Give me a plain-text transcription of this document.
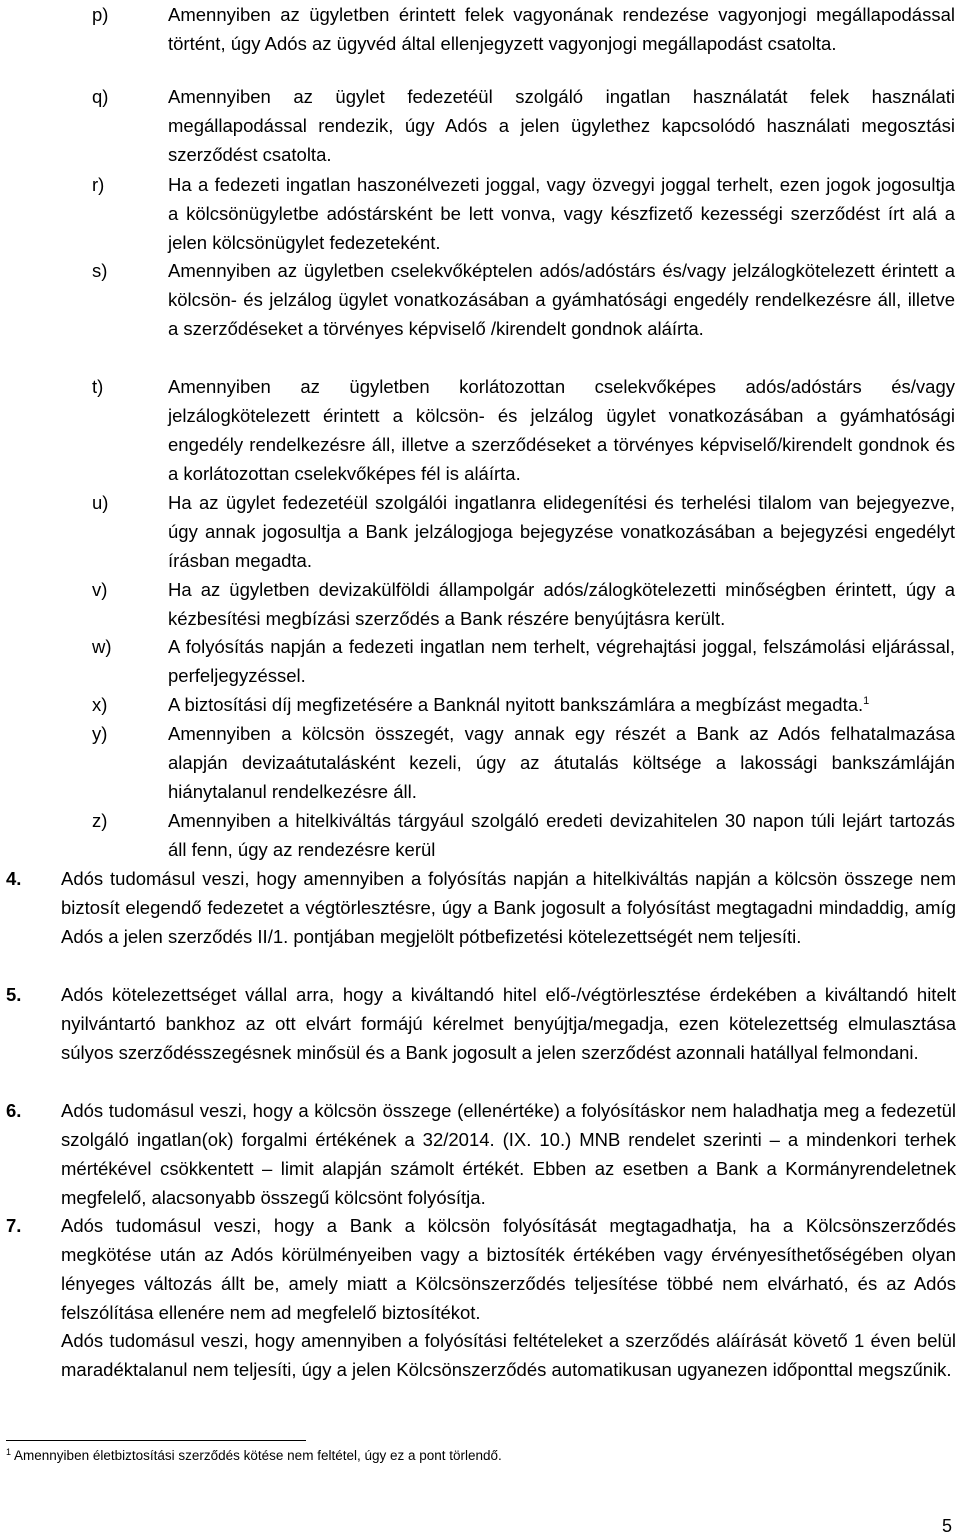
p)	Amennyiben az ügyletben érintett felek vagyonának rendezése vagyonjogi megállapodással történt, úgy Adós az ügyvéd által ellenjegyzett vagyonjogi megállapodást csatolta.
q)	Amennyiben az ügylet fedezetéül szolgáló ingatlan használatát felek használati megállapodással rendezik, úgy Adós a jelen ügylethez kapcsolódó használati megosztási szerződést csatolta.
r)	Ha a fedezeti ingatlan haszonélvezeti joggal, vagy özvegyi joggal terhelt, ezen jogok jogosultja a kölcsönügyletbe adóstársként be lett vonva, vagy készfizető kezességi szerződést írt alá a jelen kölcsönügylet fedezeteként.
s)	Amennyiben az ügyletben cselekvőképtelen adós/adóstárs és/vagy jelzálogkötelezett érintett a kölcsön- és jelzálog ügylet vonatkozásában a gyámhatósági engedély rendelkezésre áll, illetve a szerződéseket a törvényes képviselő /kirendelt gondnok aláírta.
t)	Amennyiben az ügyletben korlátozottan cselekvőképes adós/adóstárs és/vagy jelzálogkötelezett érintett a kölcsön- és jelzálog ügylet vonatkozásában a gyámhatósági engedély rendelkezésre áll, illetve a szerződéseket a törvényes képviselő/kirendelt gondnok és a korlátozottan cselekvőképes fél is aláírta.
u)	Ha az ügylet fedezetéül szolgálói ingatlanra elidegenítési és terhelési tilalom van bejegyezve, úgy annak jogosultja a Bank jelzálogjoga bejegyzése vonatkozásában a bejegyzési engedélyt írásban megadta.
v)	Ha az ügyletben devizakülföldi állampolgár adós/zálogkötelezetti minőségben érintett, úgy a kézbesítési megbízási szerződés a Bank részére benyújtásra került.
w)	A folyósítás napján a fedezeti ingatlan nem terhelt, végrehajtási joggal, felszámolási eljárással, perfeljegyzéssel.
x)	A biztosítási díj megfizetésére a Banknál nyitott bankszámlára a megbízást megadta.$^1$
y)	Amennyiben a kölcsön összegét, vagy annak egy részét a Bank az Adós felhatalmazása alapján devizaátutalásként kezeli, úgy az átutalás költsége a lakossági bankszámláján hiánytalanul rendelkezésre áll.
z)	Amennyiben a hitelkiváltás tárgyául szolgáló eredeti devizahitelen 30 napon túli lejárt tartozás áll fenn, úgy az rendezésre kerül
4. Adós tudomásul veszi, hogy amennyiben a folyósítás napján a hitelkiváltás napján a kölcsön összege nem biztosít elegendő fedezetet a végtörlesztésre, úgy a Bank jogosult a folyósítást megtagadni mindaddig, amíg Adós a jelen szerződés II/1. pontjában megjelölt pótbefizetési kötelezettségét nem teljesíti.
5. Adós kötelezettséget vállal arra, hogy a kiváltandó hitel elő-/végtörlesztése érdekében a kiváltandó hitelt nyilvántartó bankhoz az ott elvárt formájú kérelmet benyújtja/megadja, ezen kötelezettség elmulasztása súlyos szerződésszegésnek minősül és a Bank jogosult a jelen szerződést azonnali hatállyal felmondani.
6. Adós tudomásul veszi, hogy a kölcsön összege (ellenértéke) a folyósításkor nem haladhatja meg a fedezetül szolgáló ingatlan(ok) forgalmi értékének a 32/2014. (IX. 10.) MNB rendelet szerinti – a mindenkori terhek mértékével csökkentett – limit alapján számolt értékét. Ebben az esetben a Bank a Kormányrendeletnek megfelelő, alacsonyabb összegű kölcsönt folyósítja.
7. Adós tudomásul veszi, hogy a Bank a kölcsön folyósítását megtagadhatja, ha a Kölcsönszerződés megkötése után az Adós körülményeiben vagy a biztosíték értékében vagy érvényesíthetőségében olyan lényeges változás állt be, amely miatt a Kölcsönszerződés teljesítése többé nem elvárható, és az Adós felszólítása ellenére nem ad megfelelő biztosítékot.
Adós tudomásul veszi, hogy amennyiben a folyósítási feltételeket a szerződés aláírását követő 1 éven belül maradéktalanul nem teljesíti, úgy a jelen Kölcsönszerződés automatikusan ugyanezen időponttal megszűnik.
$^1$ Amennyiben életbiztosítási szerződés kötése nem feltétel, úgy ez a pont törlendő.
5
